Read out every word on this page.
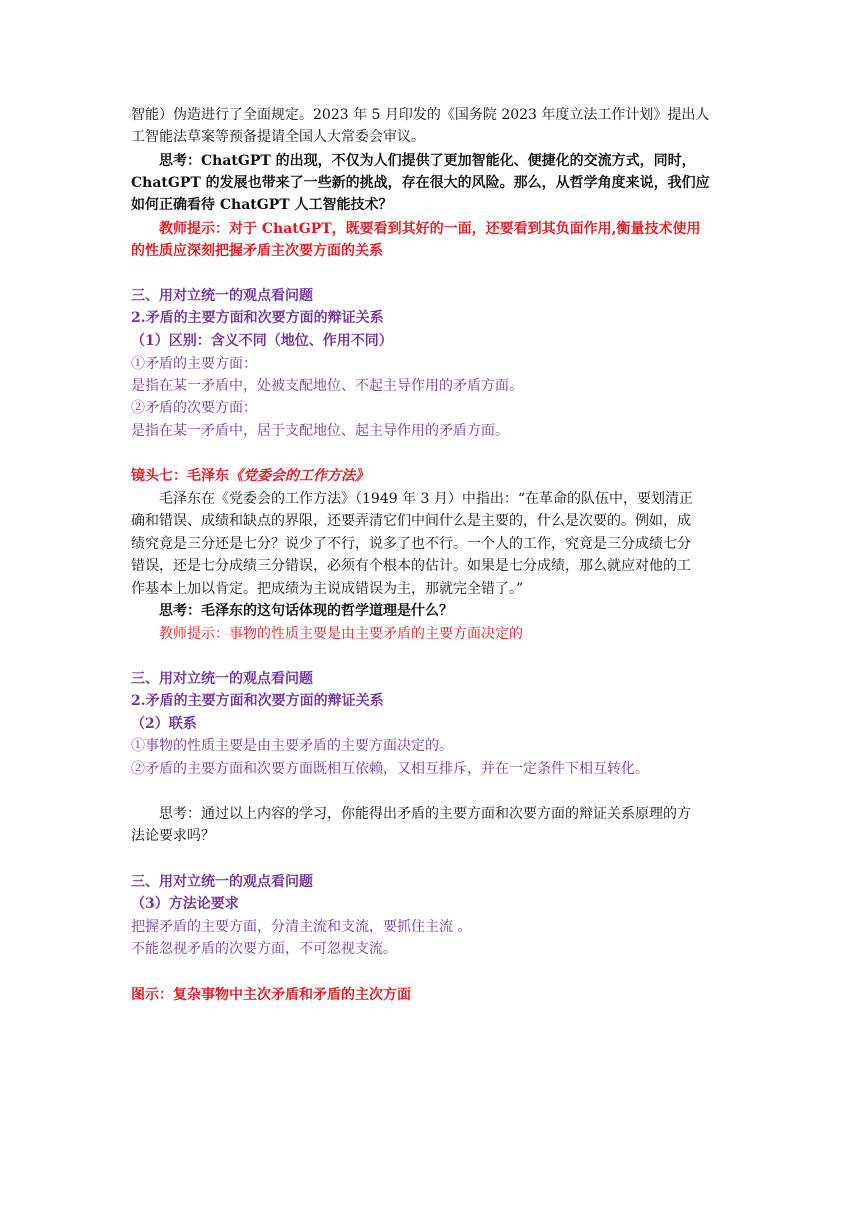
智能）伪造进行了全面规定。2023 年 5 月印发的《国务院 2023 年度立法工作计划》提出人
工智能法草案等预备提请全国人大常委会审议。
思考：ChatGPT 的出现，不仅为人们提供了更加智能化、便捷化的交流方式，同时，
ChatGPT 的发展也带来了一些新的挑战，存在很大的风险。那么，从哲学角度来说，我们应
如何正确看待 ChatGPT 人工智能技术？
教师提示：对于 ChatGPT，既要看到其好的一面，还要看到其负面作用,衡量技术使用
的性质应深刻把握矛盾主次要方面的关系
三、用对立统一的观点看问题
2.矛盾的主要方面和次要方面的辩证关系
（1）区别：含义不同（地位、作用不同）
①矛盾的主要方面：
是指在某一矛盾中，处被支配地位、不起主导作用的矛盾方面。
②矛盾的次要方面：
是指在某一矛盾中，居于支配地位、起主导作用的矛盾方面。
镜头七：毛泽东《党委会的工作方法》
毛泽东在《党委会的工作方法》（1949 年 3 月）中指出：“在革命的队伍中，要划清正
确和错误、成绩和缺点的界限，还要弄清它们中间什么是主要的，什么是次要的。例如，成
绩究竟是三分还是七分？说少了不行，说多了也不行。一个人的工作，究竟是三分成绩七分
错误，还是七分成绩三分错误，必须有个根本的估计。如果是七分成绩，那么就应对他的工
作基本上加以肯定。把成绩为主说成错误为主，那就完全错了。”
思考：毛泽东的这句话体现的哲学道理是什么？
教师提示：事物的性质主要是由主要矛盾的主要方面决定的
三、用对立统一的观点看问题
2.矛盾的主要方面和次要方面的辩证关系
（2）联系
①事物的性质主要是由主要矛盾的主要方面决定的。
②矛盾的主要方面和次要方面既相互依赖，又相互排斥，并在一定条件下相互转化。
思考：通过以上内容的学习，你能得出矛盾的主要方面和次要方面的辩证关系原理的方
法论要求吗？
三、用对立统一的观点看问题
（3）方法论要求
把握矛盾的主要方面，分清主流和支流，要抓住主流 。
不能忽视矛盾的次要方面，不可忽视支流。
图示：复杂事物中主次矛盾和矛盾的主次方面
